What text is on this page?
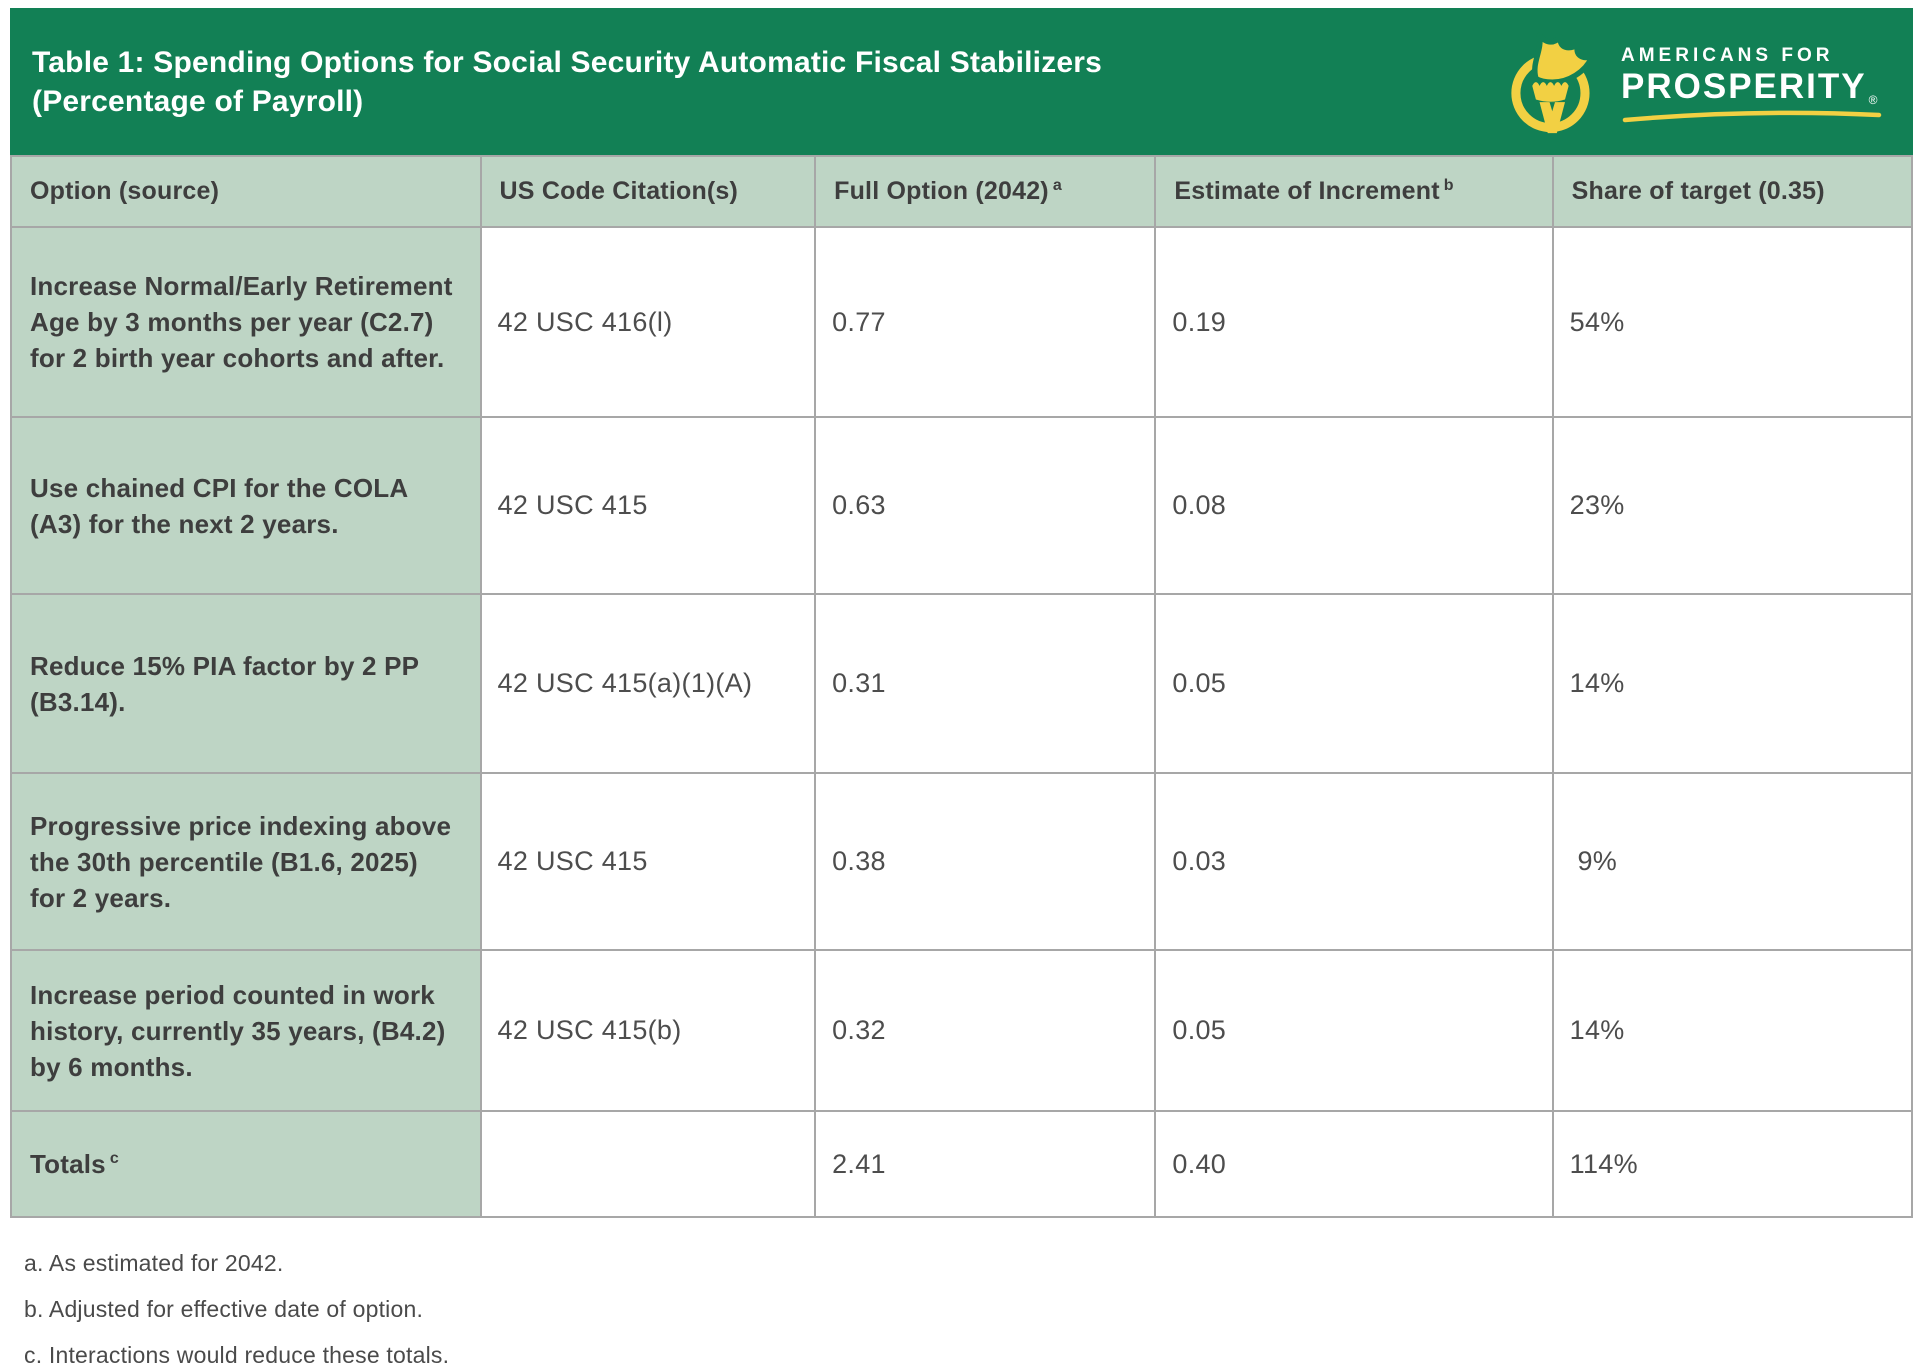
Table 1: Spending Options for Social Security Automatic Fiscal Stabilizers
(Percentage of Payroll)
AMERICANS FOR
PROSPERITY ®
Option (source)	US Code Citation(s)	Full Option (2042) $^a$	Estimate of Increment $^b$	Share of target (0.35)
Increase Normal/Early Retirement Age by 3 months per year (C2.7) for 2 birth year cohorts and after.	42 USC 416(l)	0.77	0.19	54%
Use chained CPI for the COLA (A3) for the next 2 years.	42 USC 415	0.63	0.08	23%
Reduce 15% PIA factor by 2 PP (B3.14).	42 USC 415(a)(1)(A)	0.31	0.05	14%
Progressive price indexing above the 30th percentile (B1.6, 2025) for 2 years.	42 USC 415	0.38	0.03	9%
Increase period counted in work history, currently 35 years, (B4.2) by 6 months.	42 USC 415(b)	0.32	0.05	14%
Totals $^c$		2.41	0.40	114%
a. As estimated for 2042.
b. Adjusted for effective date of option.
c. Interactions would reduce these totals.
